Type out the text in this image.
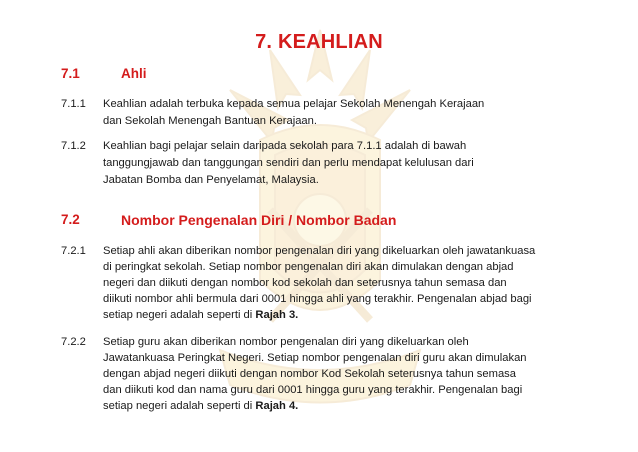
7. KEAHLIAN
7.1	Ahli
7.1.1 Keahlian adalah terbuka kepada semua pelajar Sekolah Menengah Kerajaan
dan Sekolah Menengah Bantuan Kerajaan.
7.1.2 Keahlian bagi pelajar selain daripada sekolah para 7.1.1 adalah di bawah
tanggungjawab dan tanggungan sendiri dan perlu mendapat kelulusan dari
Jabatan Bomba dan Penyelamat, Malaysia.
7.2	Nombor Pengenalan Diri / Nombor Badan
7.2.1 Setiap ahli akan diberikan nombor pengenalan diri yang dikeluarkan oleh jawatankuasa
di peringkat sekolah. Setiap nombor pengenalan diri akan dimulakan dengan abjad
negeri dan diikuti dengan nombor kod sekolah dan seterusnya tahun semasa dan
diikuti nombor ahli bermula dari 0001 hingga ahli yang terakhir. Pengenalan abjad bagi
setiap negeri adalah seperti di Rajah 3.
7.2.2 Setiap guru akan diberikan nombor pengenalan diri yang dikeluarkan oleh
Jawatankuasa Peringkat Negeri. Setiap nombor pengenalan diri guru akan dimulakan
dengan abjad negeri diikuti dengan nombor Kod Sekolah seterusnya tahun semasa
dan diikuti kod dan nama guru dari 0001 hingga guru yang terakhir. Pengenalan bagi
setiap negeri adalah seperti di Rajah 4.
